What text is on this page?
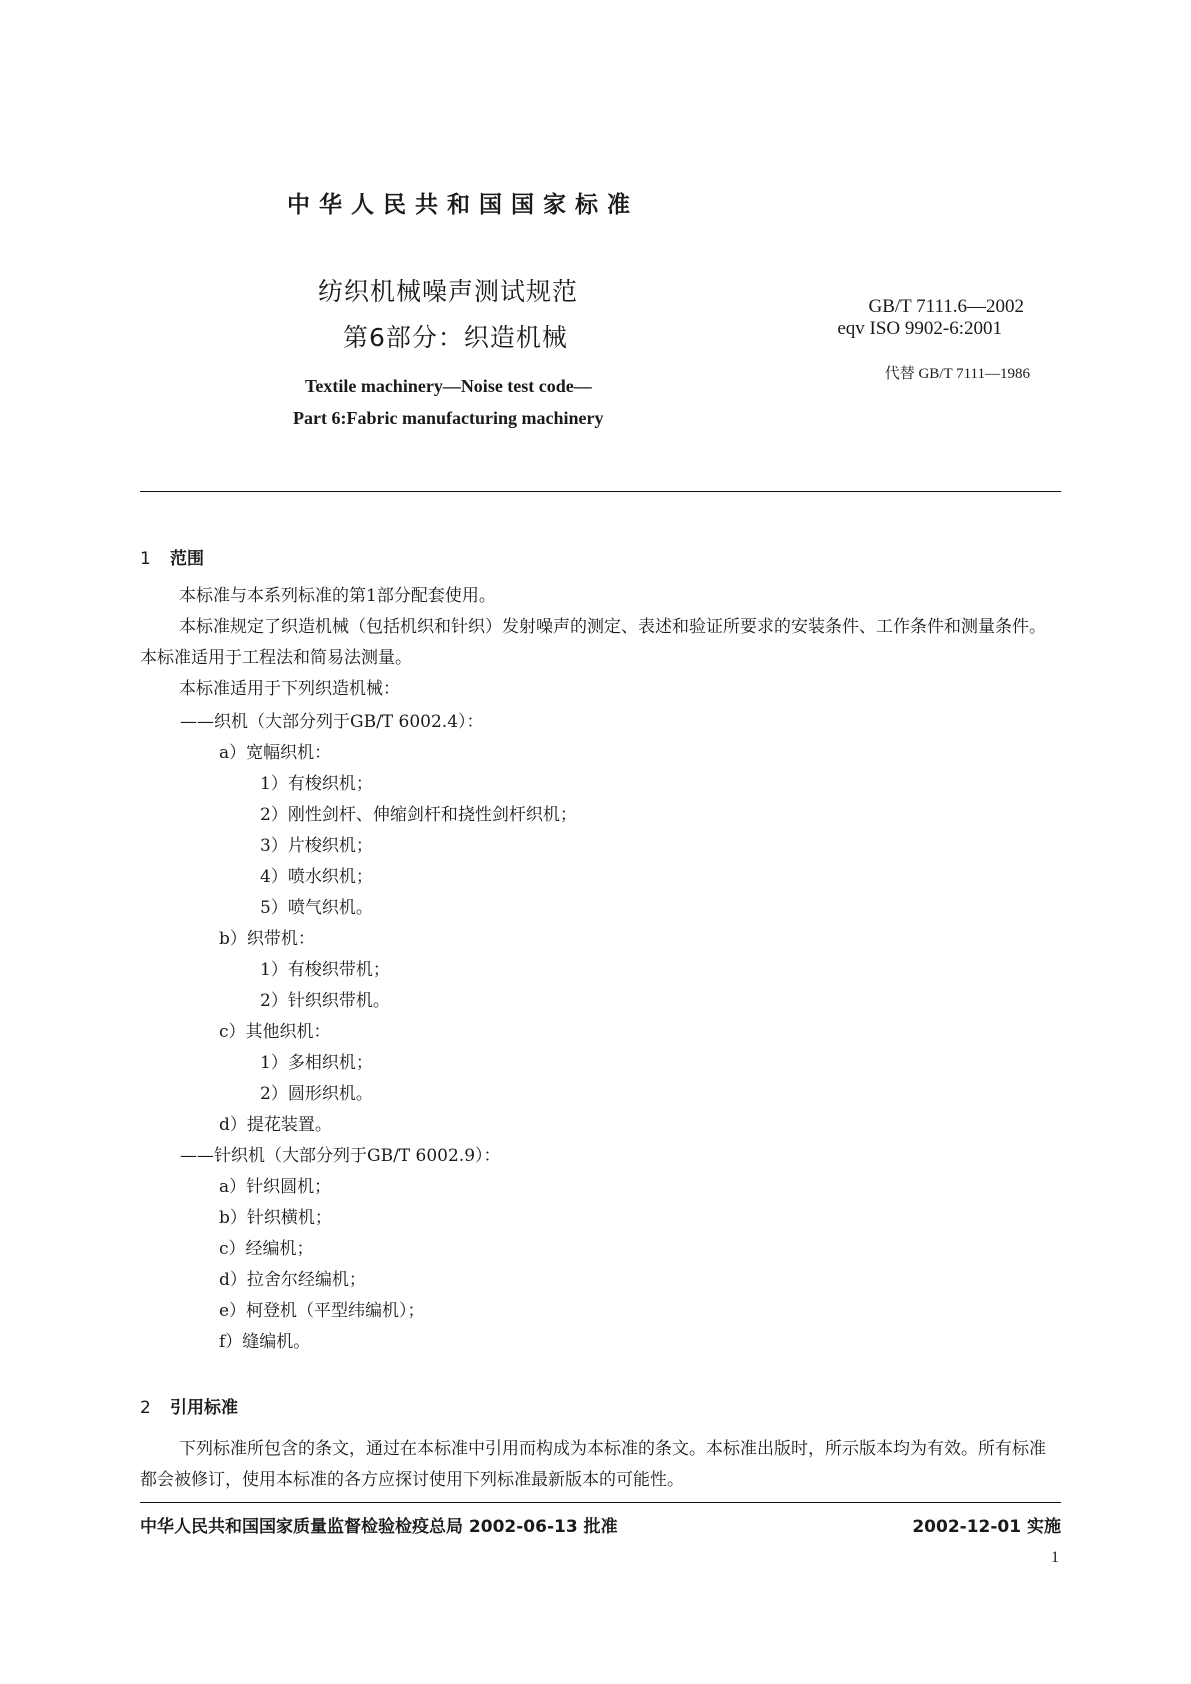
中华人民共和国国家标准
纺织机械噪声测试规范
第6部分：织造机械
Textile machinery—Noise test code—
Part 6:Fabric manufacturing machinery
GB/T 7111.6—2002
eqv ISO 9902-6:2001
代替 GB/T 7111—1986
1 范围

本标准与本系列标准的第1部分配套使用。

本标准规定了织造机械（包括机织和针织）发射噪声的测定、表述和验证所要求的安装条件、工作条件和测量条件。本标准适用于工程法和简易法测量。

本标准适用于下列织造机械：

——织机（大部分列于GB/T 6002.4）：
a）宽幅织机：
1）有梭织机；
2）刚性剑杆、伸缩剑杆和挠性剑杆织机；
3）片梭织机；
4）喷水织机；
5）喷气织机。
b）织带机：
1）有梭织带机；
2）针织织带机。
c）其他织机：
1）多相织机；
2）圆形织机。
d）提花装置。
——针织机（大部分列于GB/T 6002.9）：
a）针织圆机；
b）针织横机；
c）经编机；
d）拉舍尔经编机；
e）柯登机（平型纬编机）；
f）缝编机。
2 引用标准

下列标准所包含的条文，通过在本标准中引用而构成为本标准的条文。本标准出版时，所示版本均为有效。所有标准都会被修订，使用本标准的各方应探讨使用下列标准最新版本的可能性。

中华人民共和国国家质量监督检验检疫总局 2002-06-13 批准	2002-12-01 实施
1
